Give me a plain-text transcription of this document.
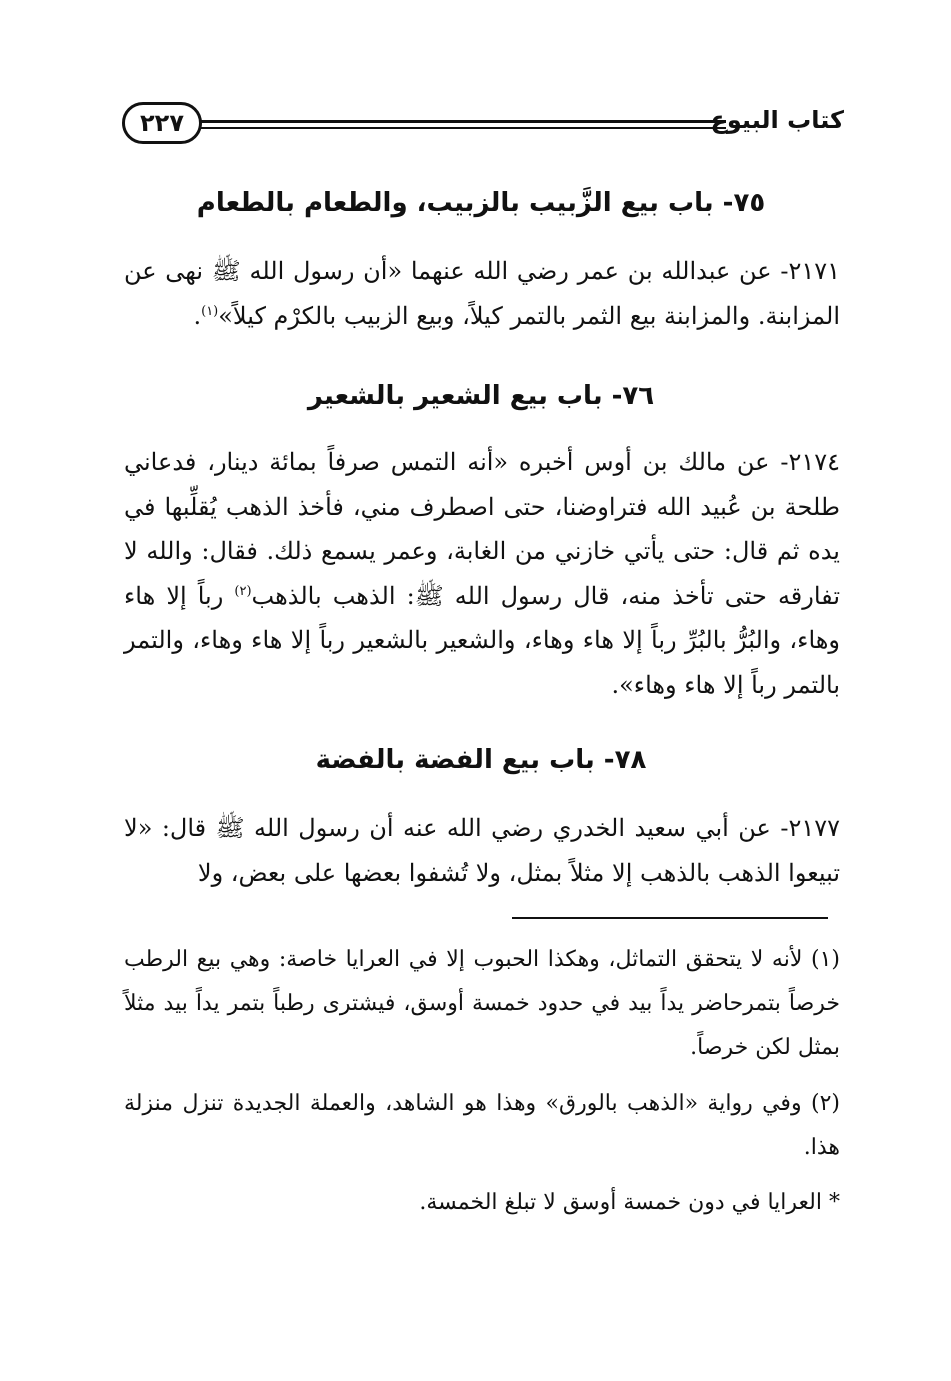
كتاب البيوع
٢٢٧
٧٥- باب بيع الزَّبيب بالزبيب، والطعام بالطعام

٢١٧١- عن عبدالله بن عمر رضي الله عنهما «أن رسول الله ﷺ نهى عن المزابنة. والمزابنة بيع الثمر بالتمر كيلاً، وبيع الزبيب بالكرْم كيلاً»$^{(١)}$.

٧٦- باب بيع الشعير بالشعير

٢١٧٤- عن مالك بن أوس أخبره «أنه التمس صرفاً بمائة دينار، فدعاني طلحة بن عُبيد الله فتراوضنا، حتى اصطرف مني، فأخذ الذهب يُقلِّبها في يده ثم قال: حتى يأتي خازني من الغابة، وعمر يسمع ذلك. فقال: والله لا تفارقه حتى تأخذ منه، قال رسول الله ﷺ: الذهب بالذهب$^{(٢)}$ رباً إلا هاء وهاء، والبُرُّ بالبُرِّ رباً إلا هاء وهاء، والشعير بالشعير رباً إلا هاء وهاء، والتمر بالتمر رباً إلا هاء وهاء».

٧٨- باب بيع الفضة بالفضة

٢١٧٧- عن أبي سعيد الخدري رضي الله عنه أن رسول الله ﷺ قال: «لا تبيعوا الذهب بالذهب إلا مثلاً بمثل، ولا تُشفوا بعضها على بعض، ولا

(١) لأنه لا يتحقق التماثل، وهكذا الحبوب إلا في العرايا خاصة: وهي بيع الرطب خرصاً بتمرحاضر يداً بيد في حدود خمسة أوسق، فيشترى رطباً بتمر يداً بيد مثلاً بمثل لكن خرصاً.

(٢) وفي رواية «الذهب بالورق» وهذا هو الشاهد، والعملة الجديدة تنزل منزلة هذا.

* العرايا في دون خمسة أوسق لا تبلغ الخمسة.
